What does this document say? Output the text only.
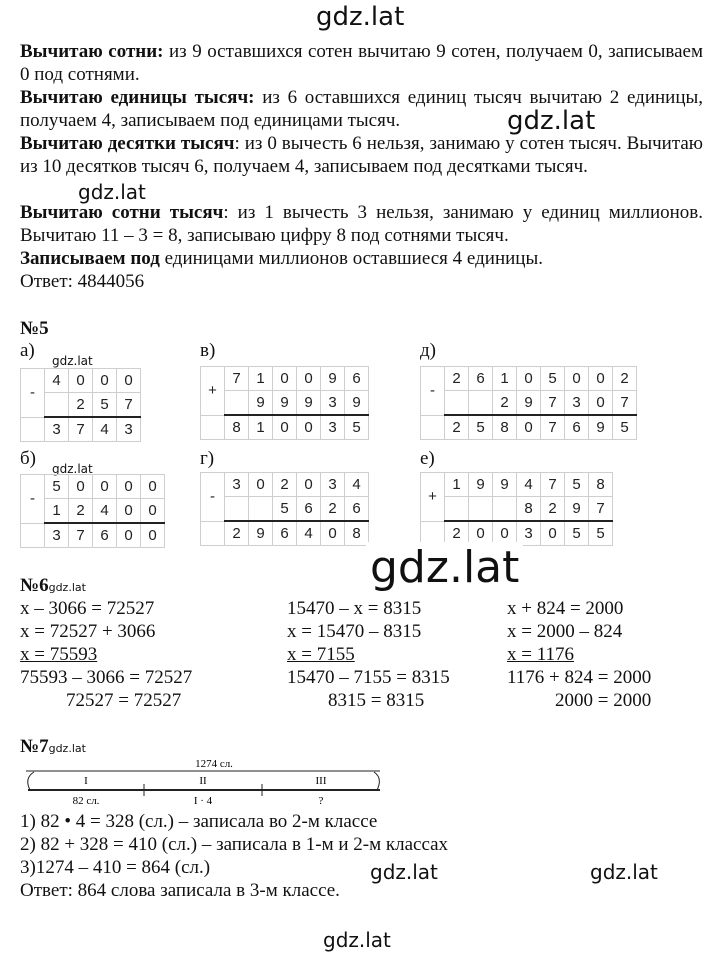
gdz.lat
gdz.lat
gdz.lat

Вычитаю сотни: из 9 оставшихся сотен вычитаю 9 сотен, получаем 0, записываем 0 под сотнями.

Вычитаю единицы тысяч: из 6 оставшихся единиц тысяч вычитаю 2 единицы, получаем 4, записываем под единицами тысяч.

Вычитаю десятки тысяч: из 0 вычесть 6 нельзя, занимаю у сотен тысяч. Вычитаю из 10 десятков тысяч 6, получаем 4, записываем под десятками тысяч.

Вычитаю сотни тысяч: из 1 вычесть 3 нельзя, занимаю у единиц миллионов. Вычитаю 11 – 3 = 8, записываю цифру 8 под сотнями тысяч.

Записываем под единицами миллионов оставшиеся 4 единицы.

Ответ: 4844056

№5
а) gdz.lat	в)	д)
-	4	0	0	0
		2	5	7
	3	7	4	3
+	7	1	0	0	9	6
		9	9	9	3	9
	8	1	0	0	3	5
-	2	6	1	0	5	0	0	2
			2	9	7	3	0	7
	2	5	8	0	7	6	9	5
б) gdz.lat	г)	е)
-	5	0	0	0	0
	1	2	4	0	0
	3	7	6	0	0
-	3	0	2	0	3	4
			5	6	2	6
	2	9	6	4	0	8
+	1	9	9	4	7	5	8
				8	2	9	7
	2	0	0	3	0	5	5
gdz.lat
№6gdz.lat

x – 3066 = 72527

x = 72527 + 3066

x = 75593

75593 – 3066 = 72527

72527 = 72527

15470 – x = 8315

x = 15470 – 8315

x = 7155

15470 – 7155 = 8315

8315 = 8315

x + 824 = 2000

x = 2000 – 824

x = 1176

1176 + 824 = 2000

2000 = 2000

№7gdz.lat
1274 сл.
I	II	III
82 сл.	I · 4	?

1) 82 • 4 = 328 (сл.) – записала во 2-м классе

2) 82 + 328 = 410 (сл.) – записала в 1-м и 2-м классах

3)1274 – 410 = 864 (сл.)

Ответ: 864 слова записала в 3-м классе.

gdz.lat	gdz.lat
gdz.lat
